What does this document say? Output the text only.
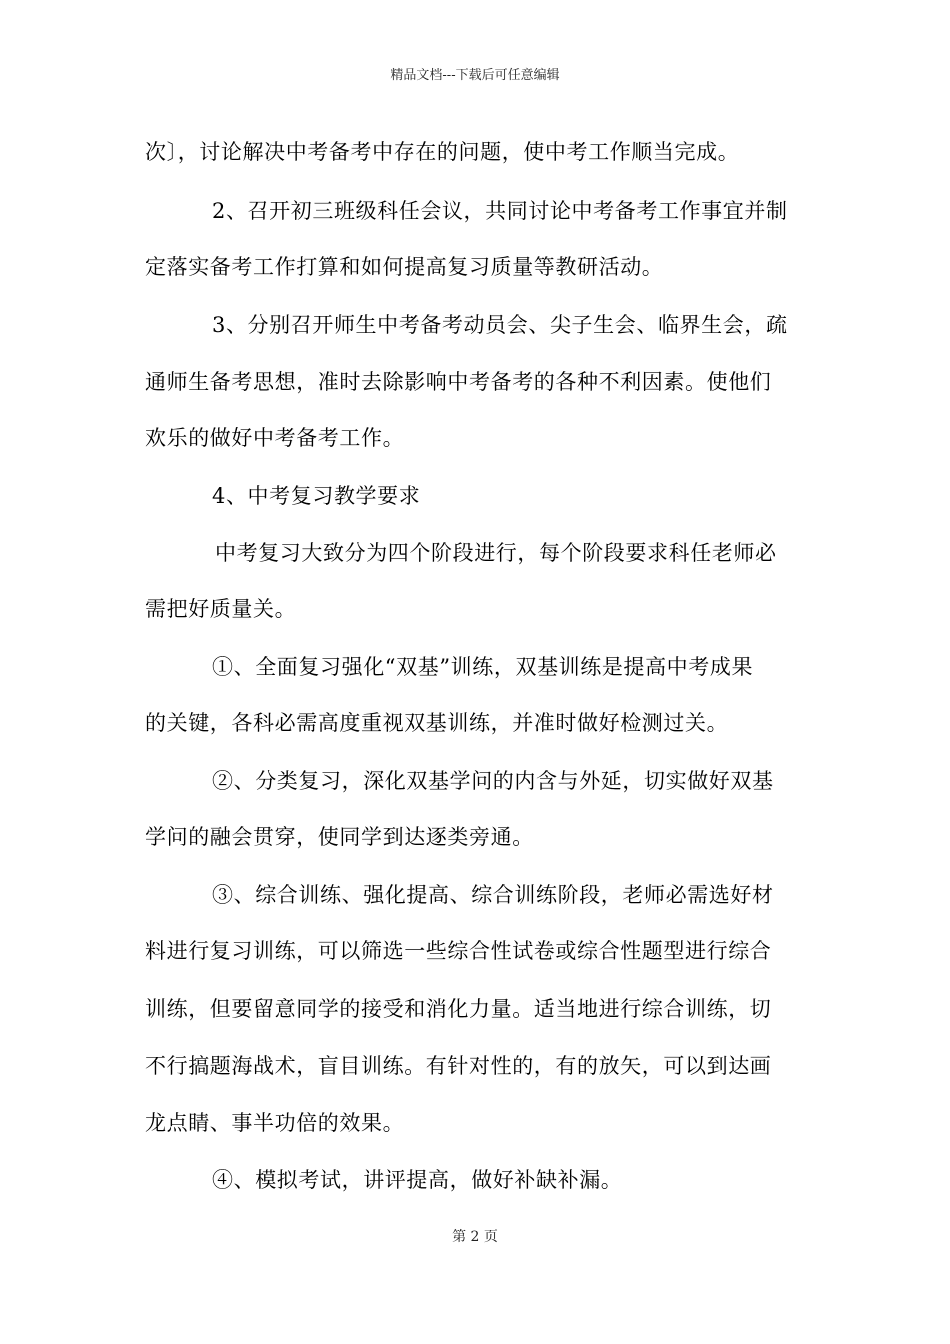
精品文档---下载后可任意编辑
次〕，讨论解决中考备考中存在的问题，使中考工作顺当完成。
2、召开初三班级科任会议，共同讨论中考备考工作事宜并制
定落实备考工作打算和如何提高复习质量等教研活动。
3、分别召开师生中考备考动员会、尖子生会、临界生会，疏
通师生备考思想，准时去除影响中考备考的各种不利因素。使他们
欢乐的做好中考备考工作。
4、中考复习教学要求
中考复习大致分为四个阶段进行，每个阶段要求科任老师必
需把好质量关。
①、全面复习强化“双基”训练，双基训练是提高中考成果
的关键，各科必需高度重视双基训练，并准时做好检测过关。
②、分类复习，深化双基学问的内含与外延，切实做好双基
学问的融会贯穿，使同学到达逐类旁通。
③、综合训练、强化提高、综合训练阶段，老师必需选好材
料进行复习训练，可以筛选一些综合性试卷或综合性题型进行综合
训练，但要留意同学的接受和消化力量。适当地进行综合训练，切
不行搞题海战术，盲目训练。有针对性的，有的放矢，可以到达画
龙点睛、事半功倍的效果。
④、模拟考试，讲评提高，做好补缺补漏。
第 2 页
